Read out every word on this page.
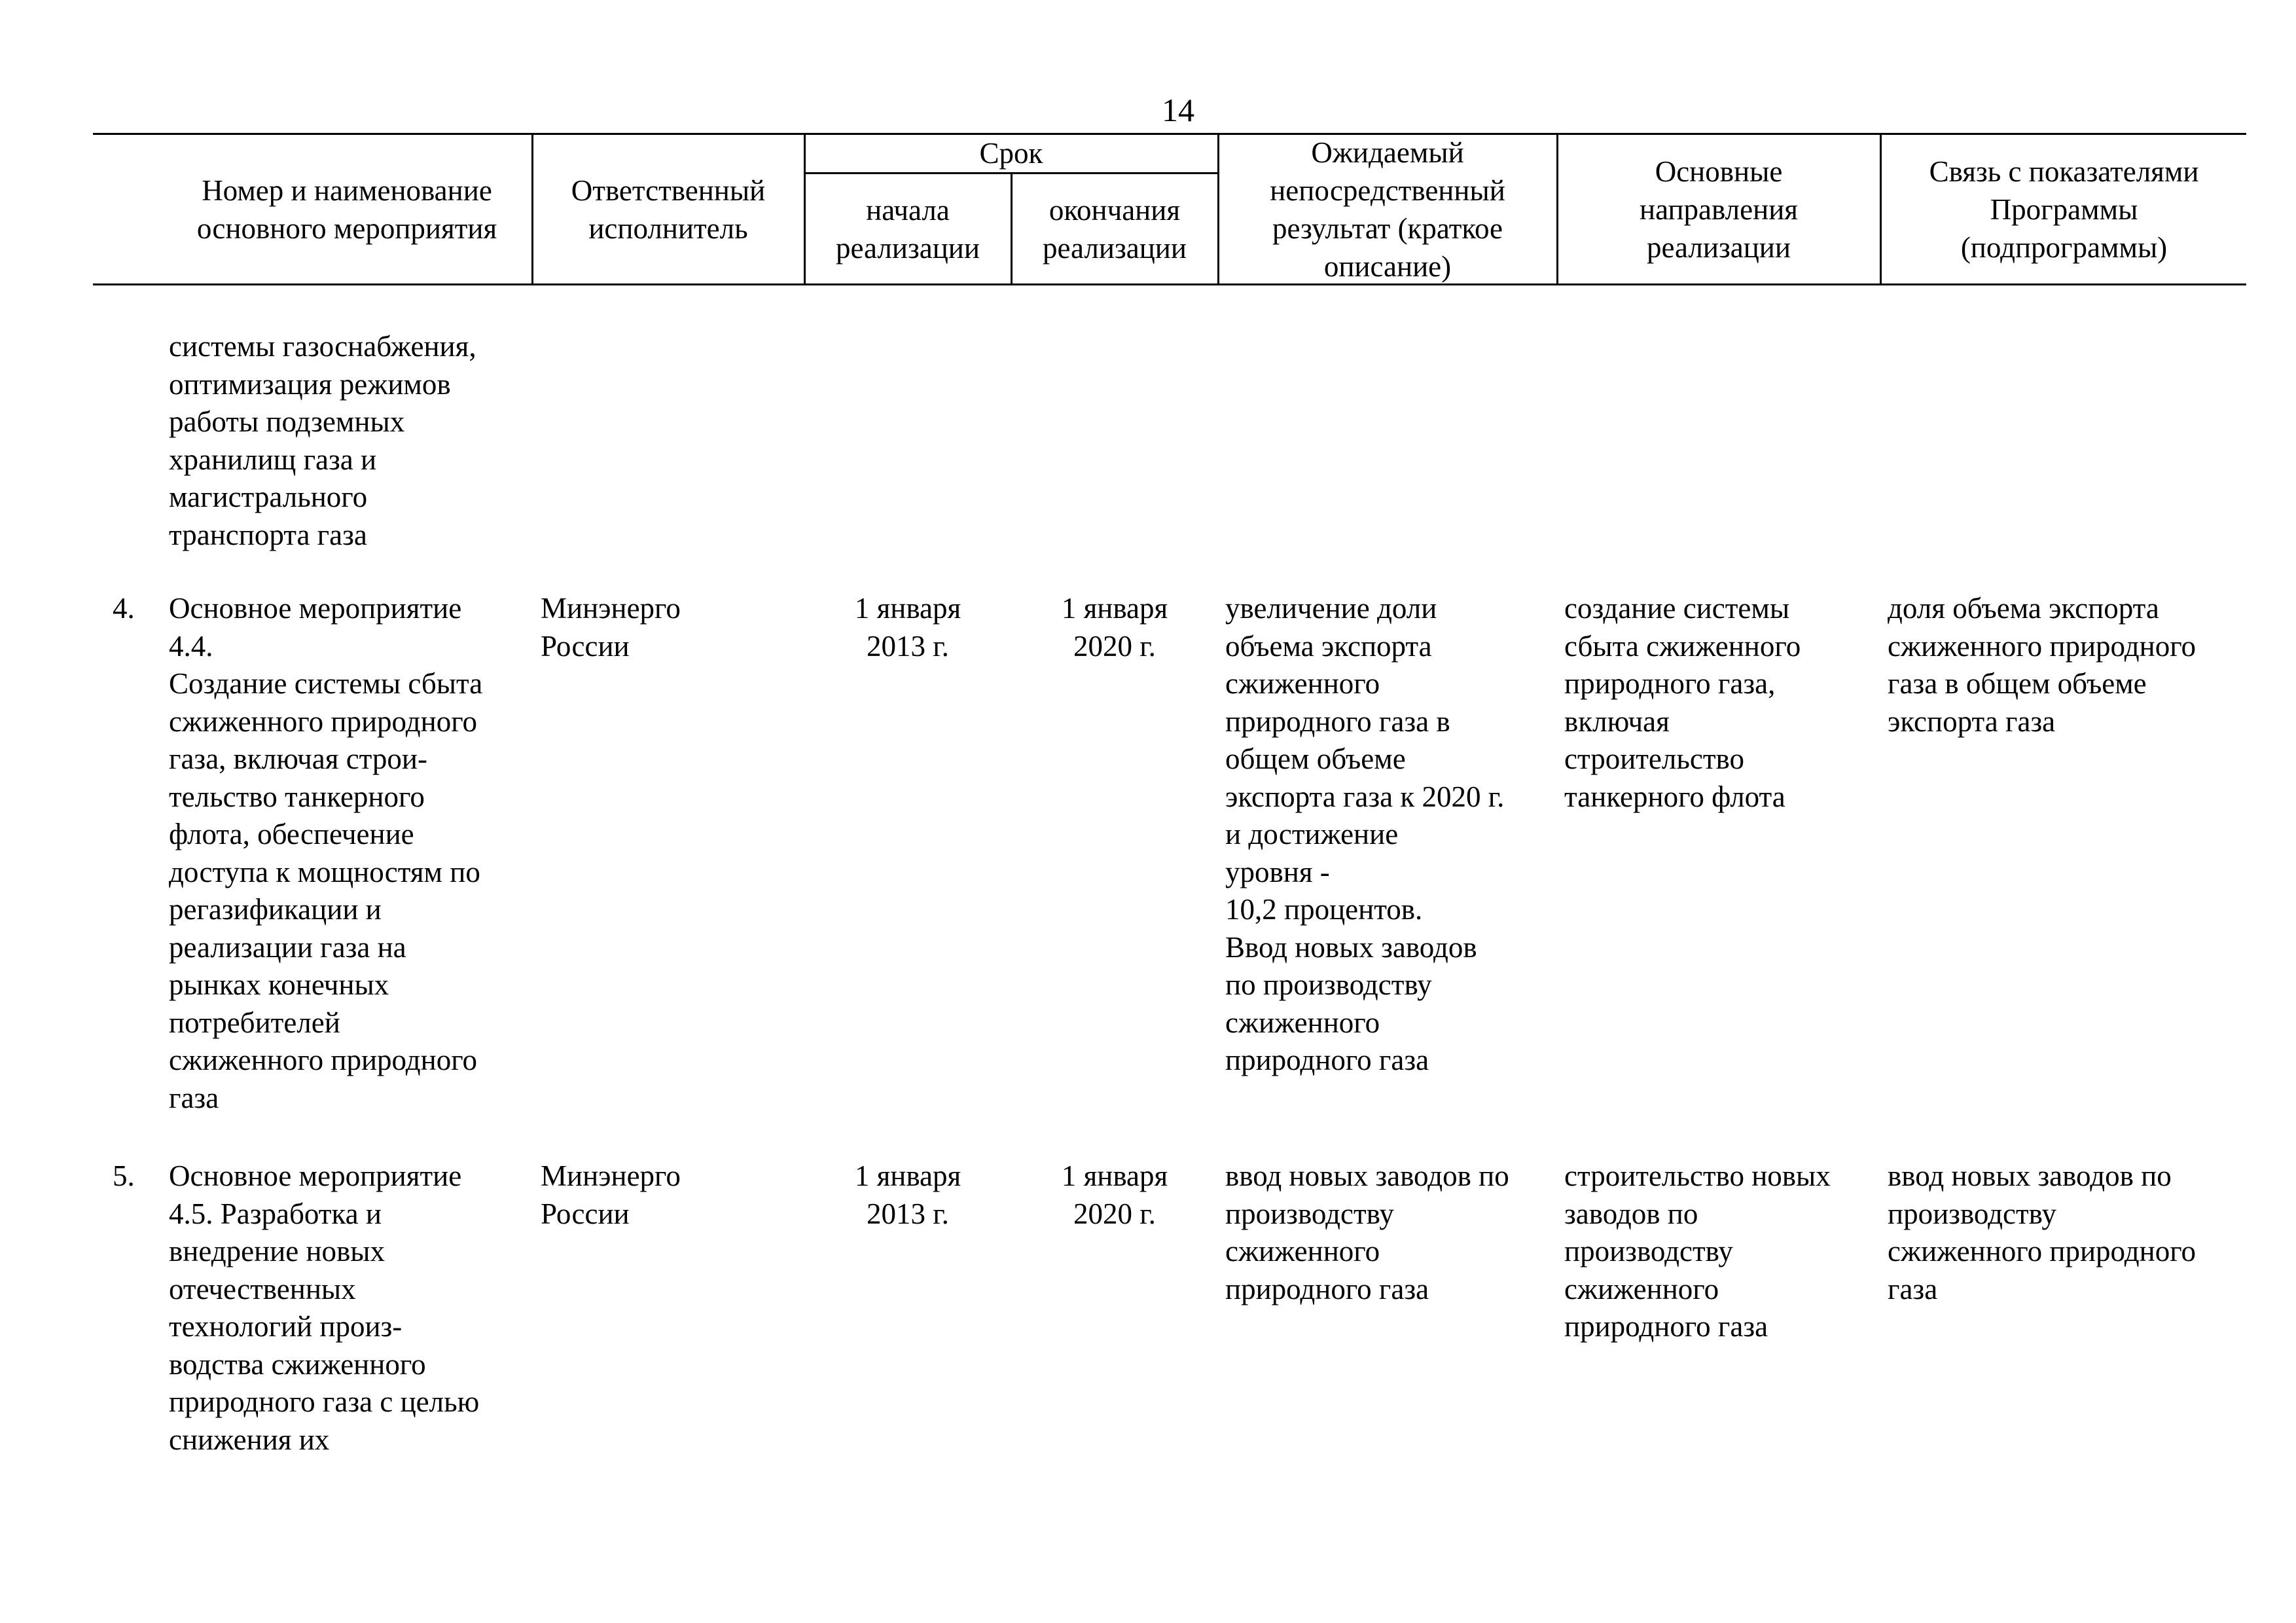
14
Номер и наименование
основного мероприятия
Ответственный
исполнитель
Срок
начала
реализации
окончания
реализации
Ожидаемый
непосредственный
результат (краткое
описание)
Основные
направления
реализации
Связь с показателями
Программы
(подпрограммы)
системы газоснабжения,
оптимизация режимов
работы подземных
хранилищ газа и
магистрального
транспорта газа
4.	Основное мероприятие
4.4.
Создание системы сбыта
сжиженного природного
газа, включая строи-
тельство танкерного
флота, обеспечение
доступа к мощностям по
регазификации и
реализации газа на
рынках конечных
потребителей
сжиженного природного
газа
Минэнерго
России
1 января
2013 г.
1 января
2020 г.
увеличение доли
объема экспорта
сжиженного
природного газа в
общем объеме
экспорта газа к 2020 г.
и достижение
уровня -
10,2 процентов.
Ввод новых заводов
по производству
сжиженного
природного газа
создание системы
сбыта сжиженного
природного газа,
включая
строительство
танкерного флота
доля объема экспорта
сжиженного природного
газа в общем объеме
экспорта газа
5.	Основное мероприятие
4.5. Разработка и
внедрение новых
отечественных
технологий произ-
водства сжиженного
природного газа с целью
снижения их
Минэнерго
России
1 января
2013 г.
1 января
2020 г.
ввод новых заводов по
производству
сжиженного
природного газа
строительство новых
заводов по
производству
сжиженного
природного газа
ввод новых заводов по
производству
сжиженного природного
газа
